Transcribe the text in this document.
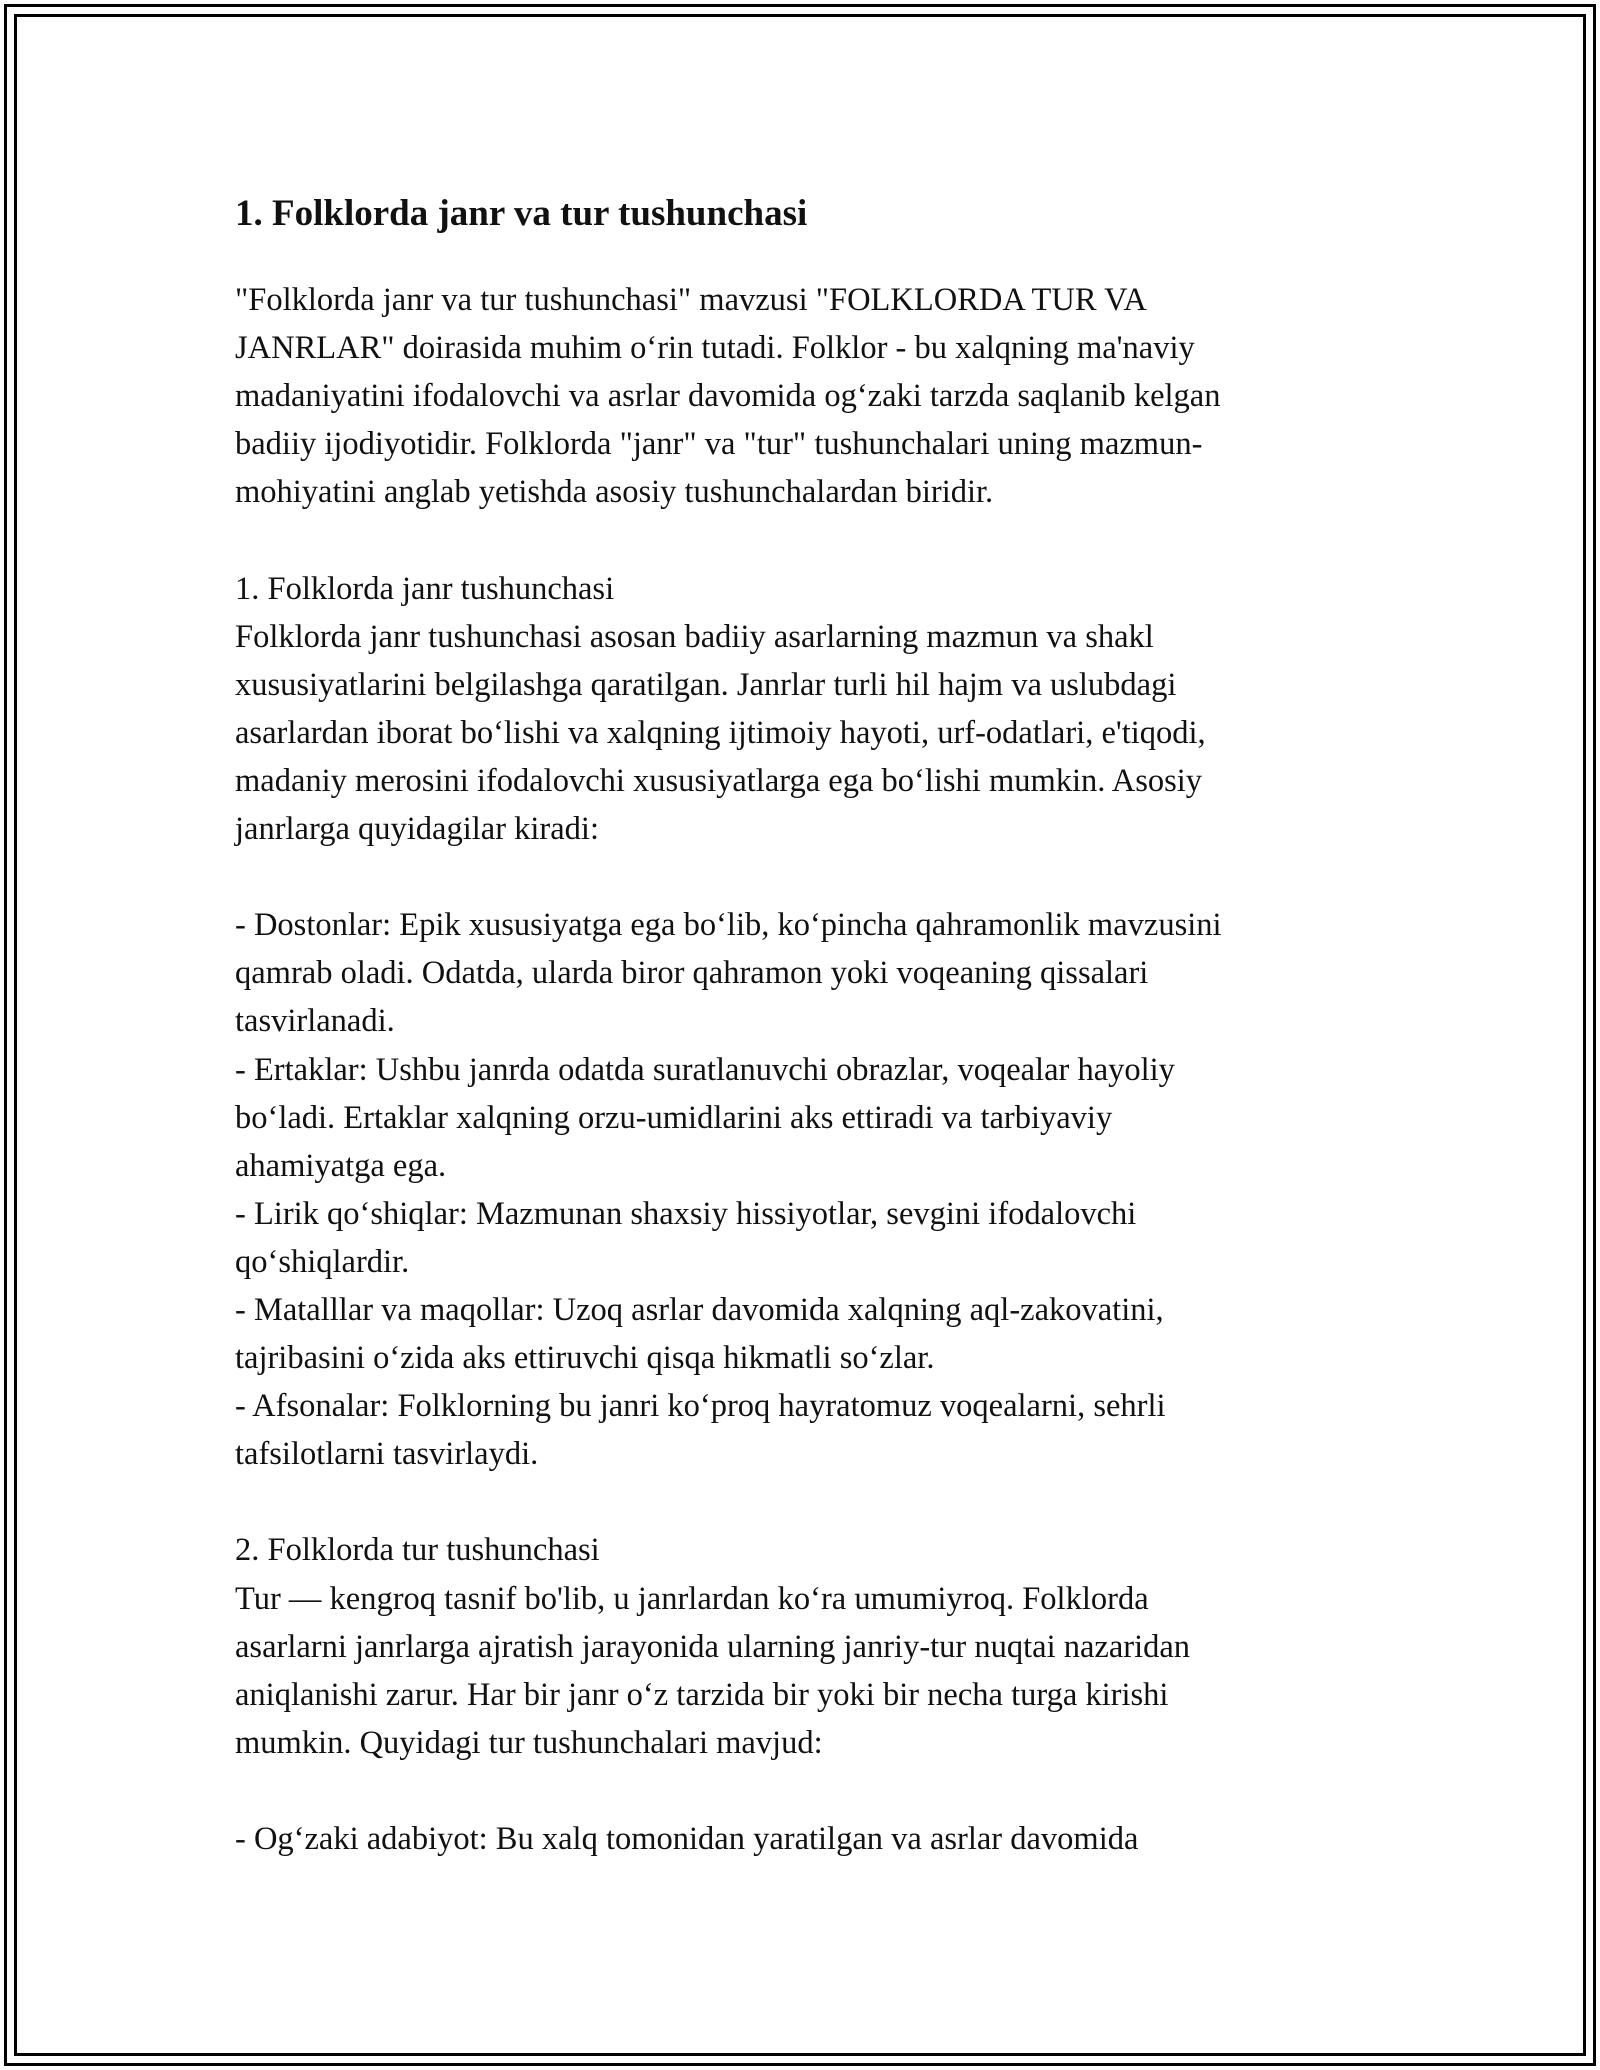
1. Folklorda janr va tur tushunchasi
"Folklorda janr va tur tushunchasi" mavzusi "FOLKLORDA TUR VA
JANRLAR" doirasida muhim o‘rin tutadi. Folklor - bu xalqning ma'naviy
madaniyatini ifodalovchi va asrlar davomida og‘zaki tarzda saqlanib kelgan
badiiy ijodiyotidir. Folklorda "janr" va "tur" tushunchalari uning mazmun-
mohiyatini anglab yetishda asosiy tushunchalardan biridir.
1. Folklorda janr tushunchasi
Folklorda janr tushunchasi asosan badiiy asarlarning mazmun va shakl
xususiyatlarini belgilashga qaratilgan. Janrlar turli hil hajm va uslubdagi
asarlardan iborat bo‘lishi va xalqning ijtimoiy hayoti, urf-odatlari, e'tiqodi,
madaniy merosini ifodalovchi xususiyatlarga ega bo‘lishi mumkin. Asosiy
janrlarga quyidagilar kiradi:
- Dostonlar: Epik xususiyatga ega bo‘lib, ko‘pincha qahramonlik mavzusini
qamrab oladi. Odatda, ularda biror qahramon yoki voqeaning qissalari
tasvirlanadi.
- Ertaklar: Ushbu janrda odatda suratlanuvchi obrazlar, voqealar hayoliy
bo‘ladi. Ertaklar xalqning orzu-umidlarini aks ettiradi va tarbiyaviy
ahamiyatga ega.
- Lirik qo‘shiqlar: Mazmunan shaxsiy hissiyotlar, sevgini ifodalovchi
qo‘shiqlardir.
- Matalllar va maqollar: Uzoq asrlar davomida xalqning aql-zakovatini,
tajribasini o‘zida aks ettiruvchi qisqa hikmatli so‘zlar.
- Afsonalar: Folklorning bu janri ko‘proq hayratomuz voqealarni, sehrli
tafsilotlarni tasvirlaydi.
2. Folklorda tur tushunchasi
Tur — kengroq tasnif bo'lib, u janrlardan ko‘ra umumiyroq. Folklorda
asarlarni janrlarga ajratish jarayonida ularning janriy-tur nuqtai nazaridan
aniqlanishi zarur. Har bir janr o‘z tarzida bir yoki bir necha turga kirishi
mumkin. Quyidagi tur tushunchalari mavjud:
- Og‘zaki adabiyot: Bu xalq tomonidan yaratilgan va asrlar davomida
